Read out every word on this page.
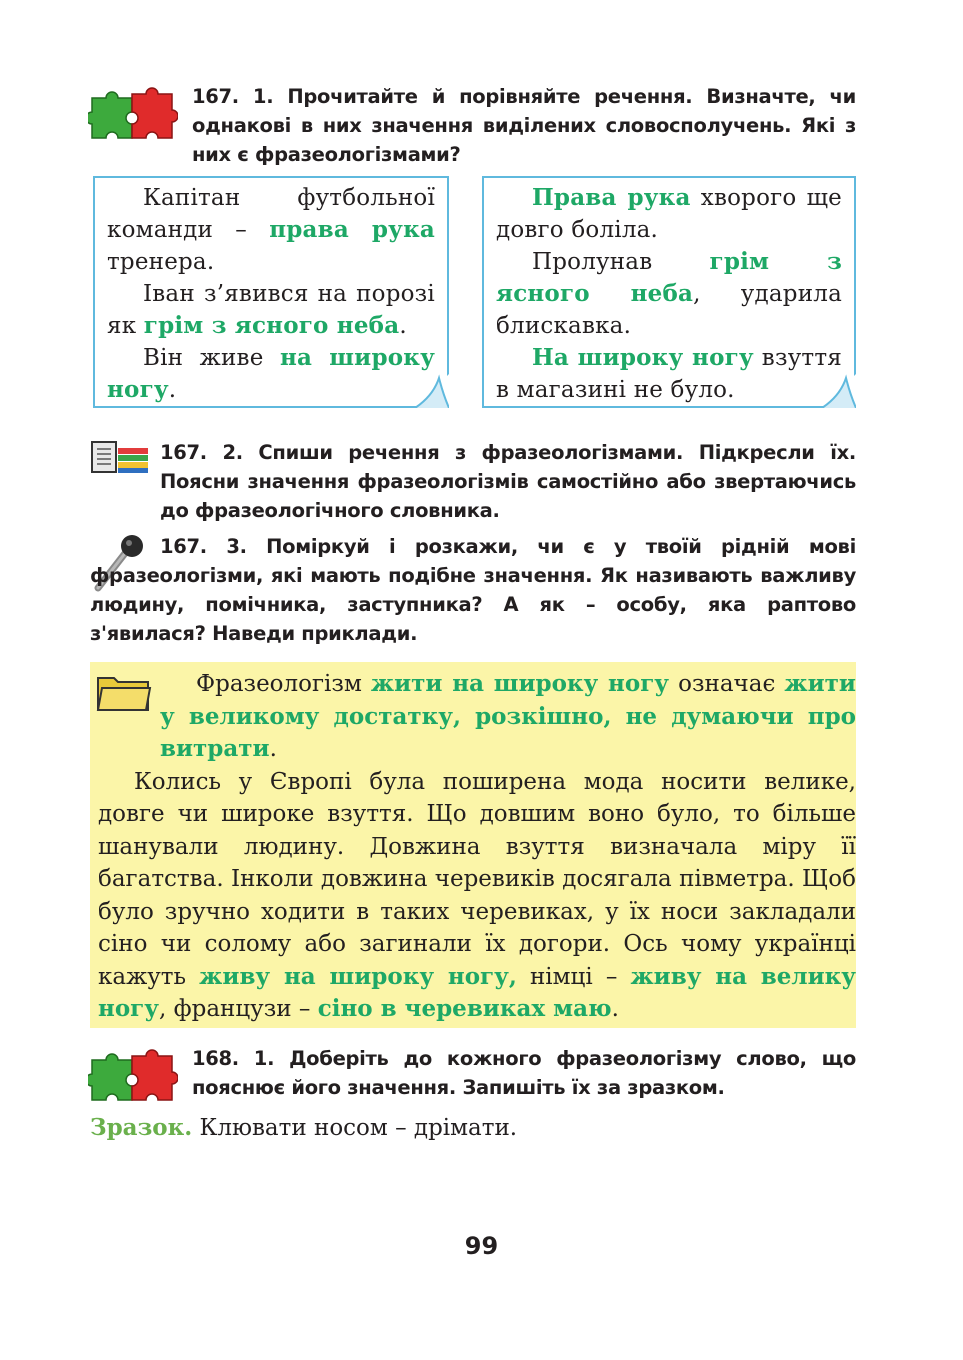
167. 1. Прочитайте й порівняйте речення. Визначте, чи однакові в них значення виділених словосполучень. Які з них є фразеологізмами?

Капітан футбольної команди – права рука тренера.

Іван з’явився на порозі як грім з ясного неба.

Він живе на широку ногу.

Права рука хворого ще довго боліла.

Пролунав грім з ясного неба, ударила блискавка.

На широку ногу взуття в магазині не було.

167. 2. Спиши речення з фразеологізмами. Підкресли їх. Поясни значення фразеологізмів самостійно або звертаючись до фразеологічного словника.
167. 3. Поміркуй і розкажи, чи є у твоїй рідній мові фразеологізми, які мають подібне значення. Як називають важливу людину, помічника, заступника? А як – особу, яка раптово з'явилася? Наведи приклади.

Фразеологізм жити на широку ногу означає жити у великому достатку, розкішно, не думаючи про витрати.

Колись у Європі була поширена мода носити велике, довге чи широке взуття. Що довшим воно було, то більше шанували людину. Довжина взуття визначала міру її багатства. Інколи довжина черевиків досягала півметра. Щоб було зручно ходити в таких черевиках, у їх носи закладали сіно чи солому або загинали їх догори. Ось чому українці кажуть живу на широку ногу, німці – живу на велику ногу, французи – сіно в черевиках маю.

168. 1. Доберіть до кожного фразеологізму слово, що пояснює його значення. Запишіть їх за зразком.
Зразок. Клювати носом – дрімати.
99
